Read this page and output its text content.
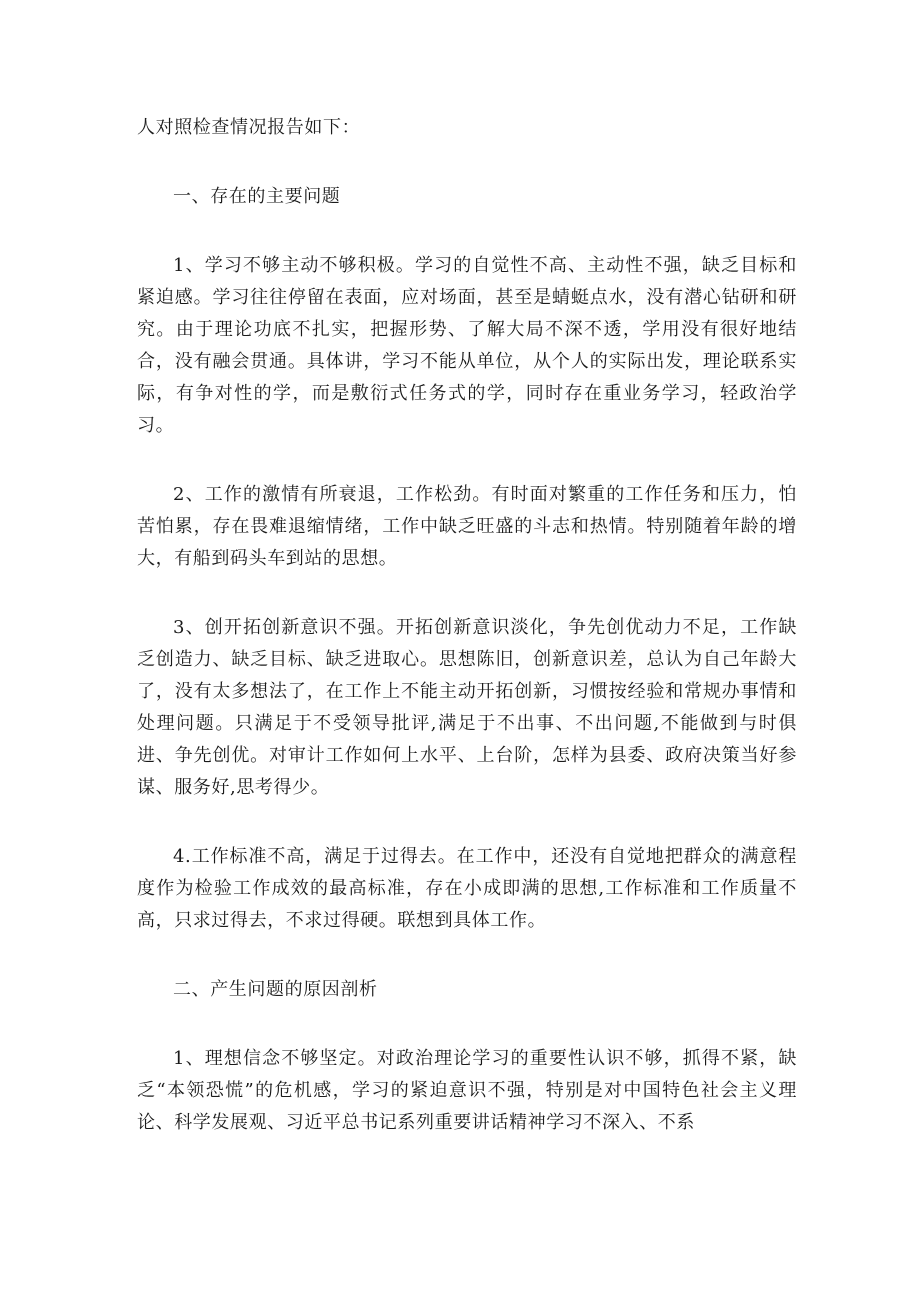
人对照检查情况报告如下：

一、存在的主要问题

1、学习不够主动不够积极。学习的自觉性不高、主动性不强，缺乏目标和紧迫感。学习往往停留在表面，应对场面，甚至是蜻蜓点水，没有潜心钻研和研究。由于理论功底不扎实，把握形势、了解大局不深不透，学用没有很好地结合，没有融会贯通。具体讲，学习不能从单位，从个人的实际出发，理论联系实际，有争对性的学，而是敷衍式任务式的学，同时存在重业务学习，轻政治学习。

2、工作的激情有所衰退，工作松劲。有时面对繁重的工作任务和压力，怕苦怕累，存在畏难退缩情绪，工作中缺乏旺盛的斗志和热情。特别随着年龄的增大，有船到码头车到站的思想。

3、创开拓创新意识不强。开拓创新意识淡化，争先创优动力不足，工作缺乏创造力、缺乏目标、缺乏进取心。思想陈旧，创新意识差，总认为自己年龄大了，没有太多想法了，在工作上不能主动开拓创新，习惯按经验和常规办事情和处理问题。只满足于不受领导批评,满足于不出事、不出问题,不能做到与时俱进、争先创优。对审计工作如何上水平、上台阶，怎样为县委、政府决策当好参谋、服务好,思考得少。

4.工作标准不高，满足于过得去。在工作中，还没有自觉地把群众的满意程度作为检验工作成效的最高标准，存在小成即满的思想,工作标准和工作质量不高，只求过得去，不求过得硬。联想到具体工作。

二、产生问题的原因剖析

1、理想信念不够坚定。对政治理论学习的重要性认识不够，抓得不紧，缺乏“本领恐慌”的危机感，学习的紧迫意识不强，特别是对中国特色社会主义理论、科学发展观、习近平总书记系列重要讲话精神学习不深入、不系
